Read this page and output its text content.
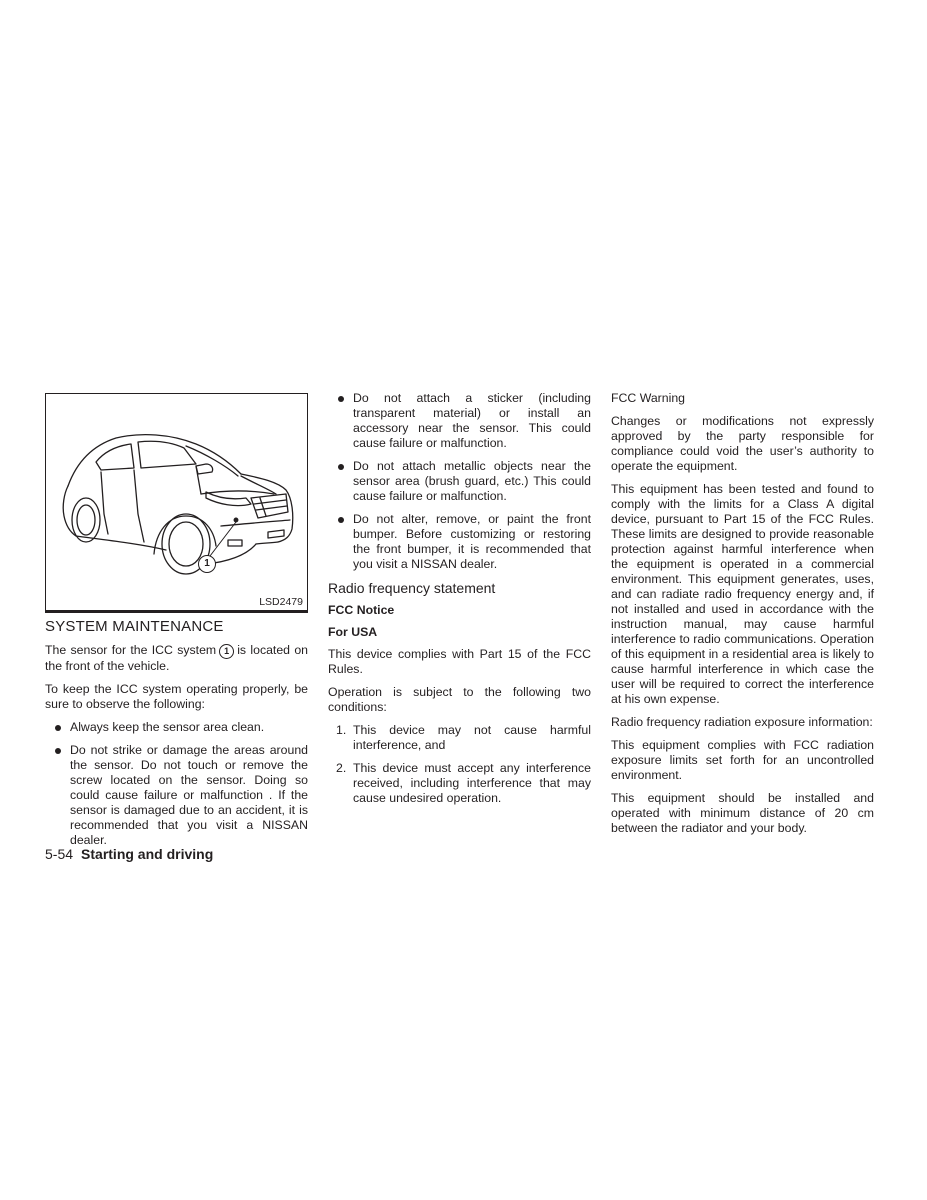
1
LSD2479
SYSTEM MAINTENANCE

The sensor for the ICC system 1 is located on the front of the vehicle.

To keep the ICC system operating properly, be sure to observe the following:

Always keep the sensor area clean.
Do not strike or damage the areas around the sensor. Do not touch or remove the screw located on the sensor. Doing so could cause failure or malfunction . If the sensor is damaged due to an accident, it is recommended that you visit a NISSAN dealer.
Do not attach a sticker (including transparent material) or install an accessory near the sensor. This could cause failure or malfunction.
Do not attach metallic objects near the sensor area (brush guard, etc.) This could cause failure or malfunction.
Do not alter, remove, or paint the front bumper. Before customizing or restoring the front bumper, it is recommended that you visit a NISSAN dealer.
Radio frequency statement
FCC Notice
For USA

This device complies with Part 15 of the FCC Rules.

Operation is subject to the following two conditions:

1. This device may not cause harmful interference, and
2. This device must accept any interference received, including interference that may cause undesired operation.

FCC Warning

Changes or modifications not expressly approved by the party responsible for compliance could void the user’s authority to operate the equipment.

This equipment has been tested and found to comply with the limits for a Class A digital device, pursuant to Part 15 of the FCC Rules. These limits are designed to provide reasonable protection against harmful interference when the equipment is operated in a commercial environment. This equipment generates, uses, and can radiate radio frequency energy and, if not installed and used in accordance with the instruction manual, may cause harmful interference to radio communications. Operation of this equipment in a residential area is likely to cause harmful interference in which case the user will be required to correct the interference at his own expense.

Radio frequency radiation exposure information:

This equipment complies with FCC radiation exposure limits set forth for an uncontrolled environment.

This equipment should be installed and operated with minimum distance of 20 cm between the radiator and your body.

5-54 Starting and driving
